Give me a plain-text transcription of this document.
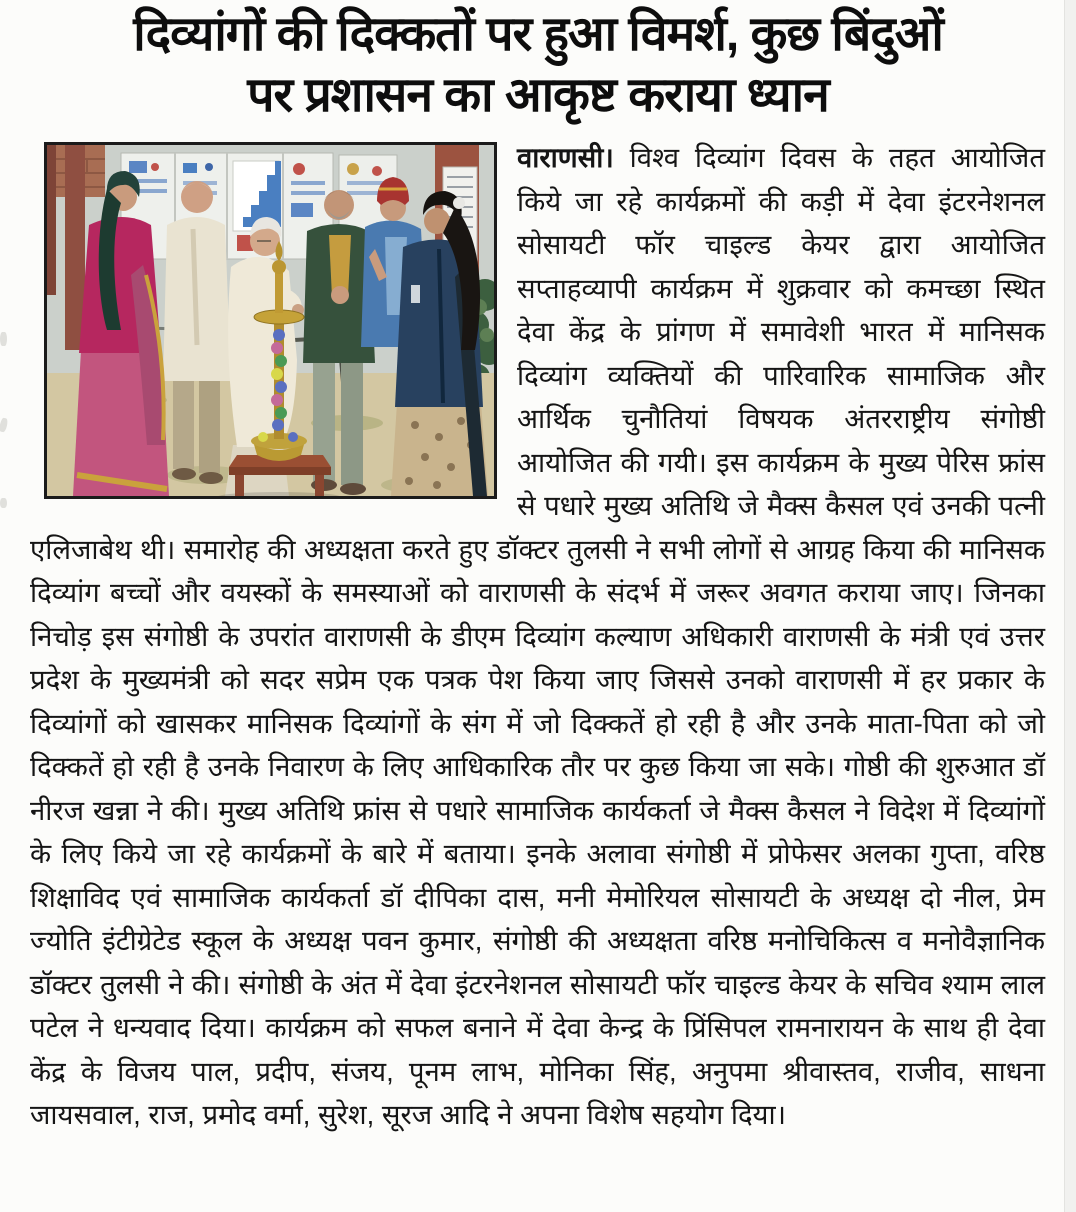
दिव्यांगों की दिक्कतों पर हुआ विमर्श, कुछ बिंदुओं
पर प्रशासन का आकृष्ट कराया ध्यान
वाराणसी। विश्व दिव्यांग दिवस के तहत आयोजित किये जा रहे कार्यक्रमों की कड़ी में देवा इंटरनेशनल सोसायटी फॉर चाइल्ड केयर द्वारा आयोजित सप्ताहव्यापी कार्यक्रम में शुक्रवार को कमच्छा स्थित देवा केंद्र के प्रांगण में समावेशी भारत में मानिसक दिव्यांग व्यक्तियों की पारिवारिक सामाजिक और आर्थिक चुनौतियां विषयक अंतरराष्ट्रीय संगोष्ठी आयोजित की गयी। इस कार्यक्रम के मुख्य पेरिस फ्रांस से पधारे मुख्य अतिथि जे मैक्स कैसल एवं उनकी पत्नी एलिजाबेथ थी। समारोह की अध्यक्षता करते हुए डॉक्टर तुलसी ने सभी लोगों से आग्रह किया की मानिसक दिव्यांग बच्चों और वयस्कों के समस्याओं को वाराणसी के संदर्भ में जरूर अवगत कराया जाए। जिनका निचोड़ इस संगोष्ठी के उपरांत वाराणसी के डीएम दिव्यांग कल्याण अधिकारी वाराणसी के मंत्री एवं उत्तर प्रदेश के मुख्यमंत्री को सदर सप्रेम एक पत्रक पेश किया जाए जिससे उनको वाराणसी में हर प्रकार के दिव्यांगों को खासकर मानिसक दिव्यांगों के संग में जो दिक्कतें हो रही है और उनके माता-पिता को जो दिक्कतें हो रही है उनके निवारण के लिए आधिकारिक तौर पर कुछ किया जा सके। गोष्ठी की शुरुआत डॉ नीरज खन्ना ने की। मुख्य अतिथि फ्रांस से पधारे सामाजिक कार्यकर्ता जे मैक्स कैसल ने विदेश में दिव्यांगों के लिए किये जा रहे कार्यक्रमों के बारे में बताया। इनके अलावा संगोष्ठी में प्रोफेसर अलका गुप्ता, वरिष्ठ शिक्षाविद एवं सामाजिक कार्यकर्ता डॉ दीपिका दास, मनी मेमोरियल सोसायटी के अध्यक्ष दो नील, प्रेम ज्योति इंटीग्रेटेड स्कूल के अध्यक्ष पवन कुमार, संगोष्ठी की अध्यक्षता वरिष्ठ मनोचिकित्स व मनोवैज्ञानिक डॉक्टर तुलसी ने की। संगोष्ठी के अंत में देवा इंटरनेशनल सोसायटी फॉर चाइल्ड केयर के सचिव श्याम लाल पटेल ने धन्यवाद दिया। कार्यक्रम को सफल बनाने में देवा केन्द्र के प्रिंसिपल रामनारायन के साथ ही देवा केंद्र के विजय पाल, प्रदीप, संजय, पूनम लाभ, मोनिका सिंह, अनुपमा श्रीवास्तव, राजीव, साधना जायसवाल, राज, प्रमोद वर्मा, सुरेश, सूरज आदि ने अपना विशेष सहयोग दिया।
